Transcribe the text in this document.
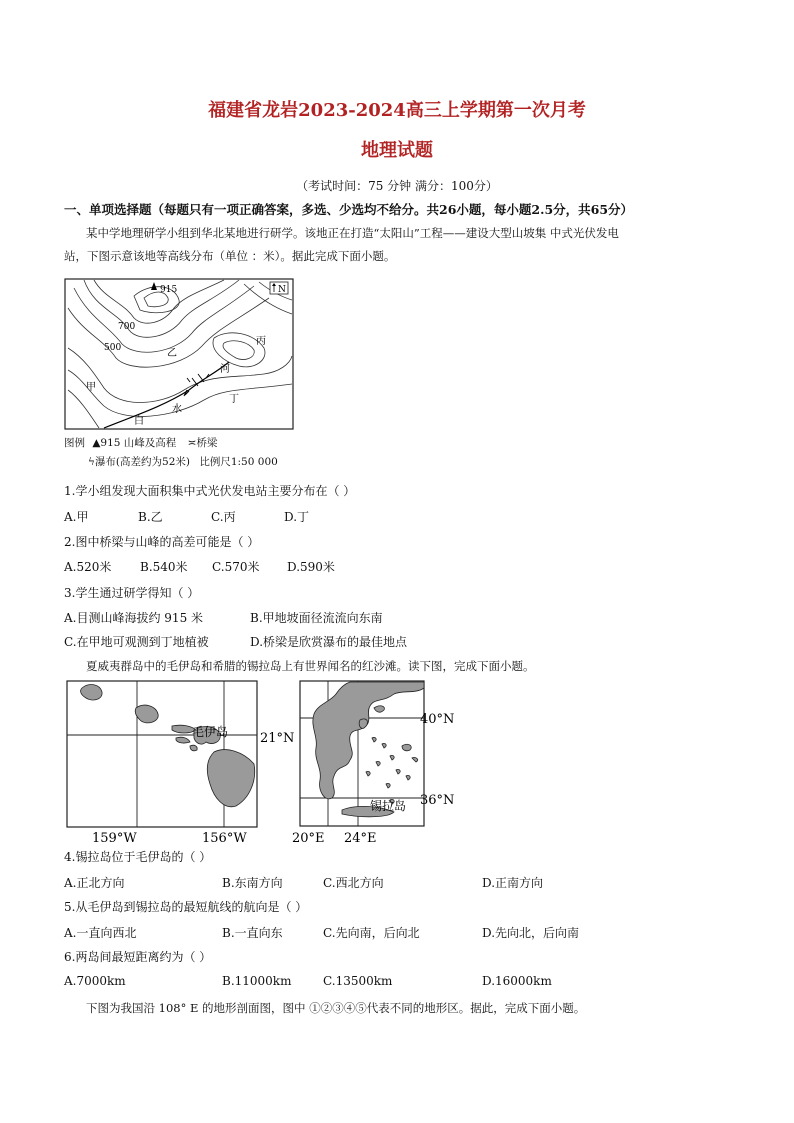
福建省龙岩2023-2024高三上学期第一次月考
地理试题
（考试时间：75 分钟 满分：100分）
一、单项选择题（每题只有一项正确答案，多选、少选均不给分。共26小题，每小题2.5分，共65分）
某中学地理研学小组到华北某地进行研学。该地正在打造“太阳山”工程——建设大型山坡集 中式光伏发电
站，下图示意该地等高线分布（单位 ：米）。据此完成下面小题。
915	N
700
500
甲
乙
丙
丁
河
白
水
图例 ▲915 山峰及高程 ≍桥梁
ϟ瀑布(高差约为52米) 比例尺1:50 000
1.学小组发现大面积集中式光伏发电站主要分布在（ ）
A.甲	B.乙	C.丙	D.丁
2.图中桥梁与山峰的高差可能是（ ）
A.520米 B.540米 C.570米 D.590米
3.学生通过研学得知（ ）
A.目测山峰海拔约 915 米	B.甲地坡面径流流向东南
C.在甲地可观测到丁地植被	D.桥梁是欣赏瀑布的最佳地点
夏威夷群岛中的毛伊岛和希腊的锡拉岛上有世界闻名的红沙滩。读下图，完成下面小题。
毛伊岛 21°N
159°W	156°W
40°N
36°N
锡拉岛
20°E 24°E
4.锡拉岛位于毛伊岛的（ ）
A.正北方向	B.东南方向	C.西北方向	D.正南方向
5.从毛伊岛到锡拉岛的最短航线的航向是（ ）
A.一直向西北	B.一直向东	C.先向南，后向北	D.先向北，后向南
6.两岛间最短距离约为（ ）
A.7000km	B.11000km	C.13500km	D.16000km
下图为我国沿 108° E 的地形剖面图，图中 ①②③④⑤代表不同的地形区。据此，完成下面小题。
